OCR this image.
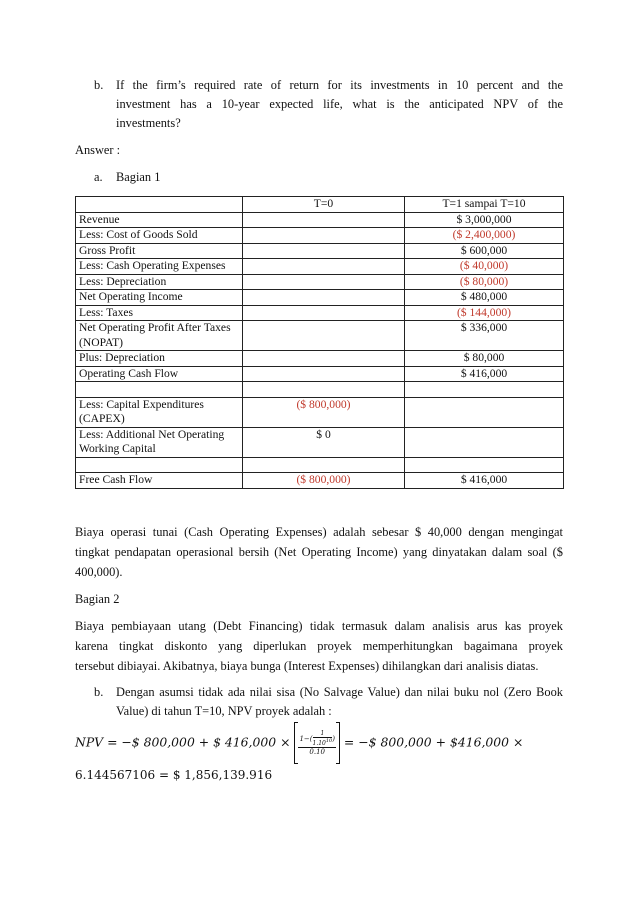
b. If the firm’s required rate of return for its investments in 10 percent and the
investment has a 10-year expected life, what is the anticipated NPV of the
investments?
Answer :
a. Bagian 1
	T=0	T=1 sampai T=10
Revenue		$ 3,000,000
Less: Cost of Goods Sold		($ 2,400,000)
Gross Profit		$ 600,000
Less: Cash Operating Expenses		($ 40,000)
Less: Depreciation		($ 80,000)
Net Operating Income		$ 480,000
Less: Taxes		($ 144,000)
Net Operating Profit After Taxes (NOPAT)		$ 336,000
Plus: Depreciation		$ 80,000
Operating Cash Flow		$ 416,000

Less: Capital Expenditures (CAPEX)	($ 800,000)	
Less: Additional Net Operating Working Capital	$ 0	

Free Cash Flow	($ 800,000)	$ 416,000
Biaya operasi tunai (Cash Operating Expenses) adalah sebesar $ 40,000 dengan mengingat
tingkat pendapatan operasional bersih (Net Operating Income) yang dinyatakan dalam soal ($
400,000).
Bagian 2
Biaya pembiayaan utang (Debt Financing) tidak termasuk dalam analisis arus kas proyek
karena tingkat diskonto yang diperlukan proyek memperhitungkan bagaimana proyek
tersebut dibiayai. Akibatnya, biaya bunga (Interest Expenses) dihilangkan dari analisis diatas.
b. Dengan asumsi tidak ada nilai sisa (No Salvage Value) dan nilai buku nol (Zero Book
Value) di tahun T=10, NPV proyek adalah :
NPV = −$ 800,000 + $ $416,000 \times \frac{1-( \frac{1}{1.10^{10}} )}{0.10}$ = −$ 800,000 + $416,000 ×
6.144567106 = $ 1,856,139.916
